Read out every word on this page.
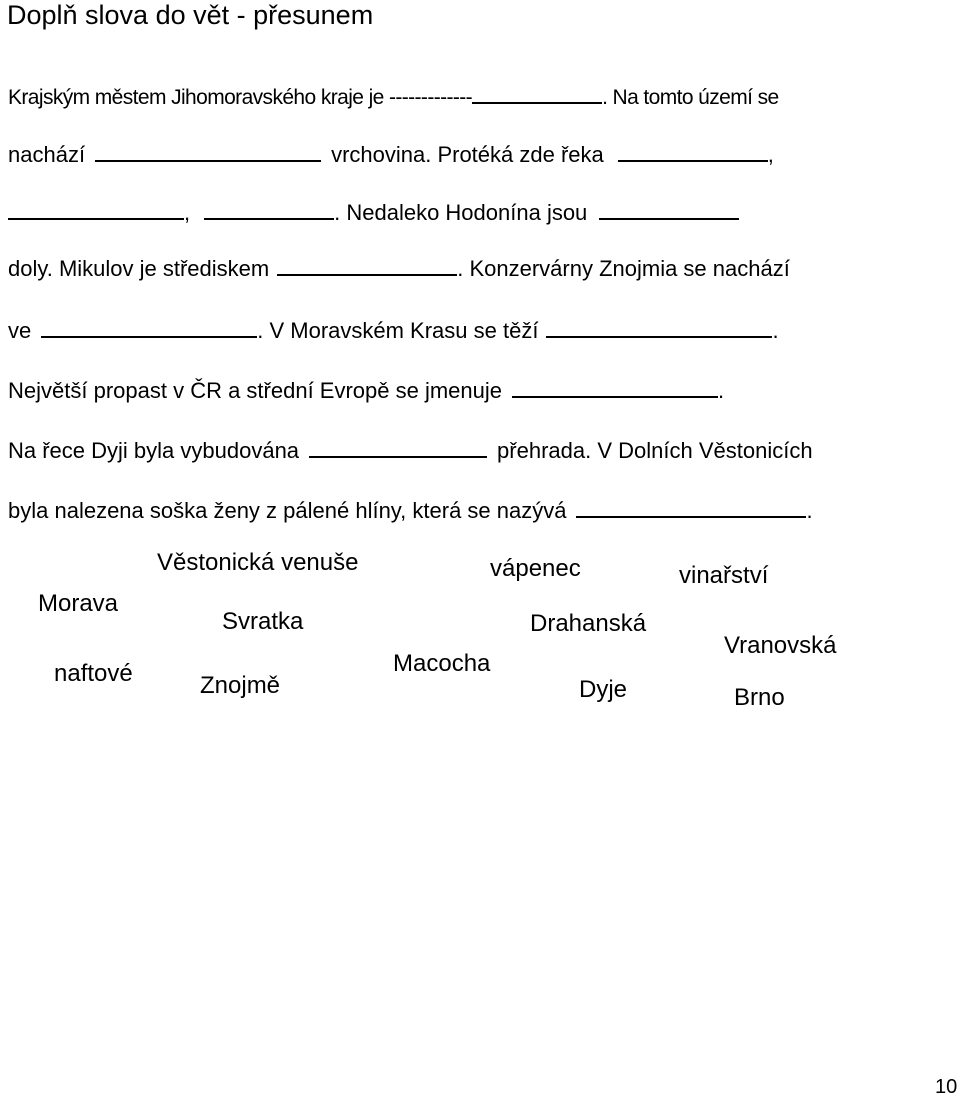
Doplň slova do vět - přesunem
Krajským městem Jihomoravského kraje je -------------	. Na tomto území se
nachází	vrchovina. Protéká zde řeka	,
,	. Nedaleko Hodonína jsou
doly. Mikulov je střediskem	. Konzervárny Znojmia se nachází
ve	. V Moravském Krasu se těží	.
Největší propast v ČR a střední Evropě se jmenuje	.
Na řece Dyji byla vybudována	přehrada. V Dolních Věstonicích
byla nalezena soška ženy z pálené hlíny, která se nazývá	.
Věstonická venuše	vápenec	vinařství
Morava
Svratka	Drahanská
Vranovská
Macocha
naftové	Znojmě	Dyje	Brno
10
